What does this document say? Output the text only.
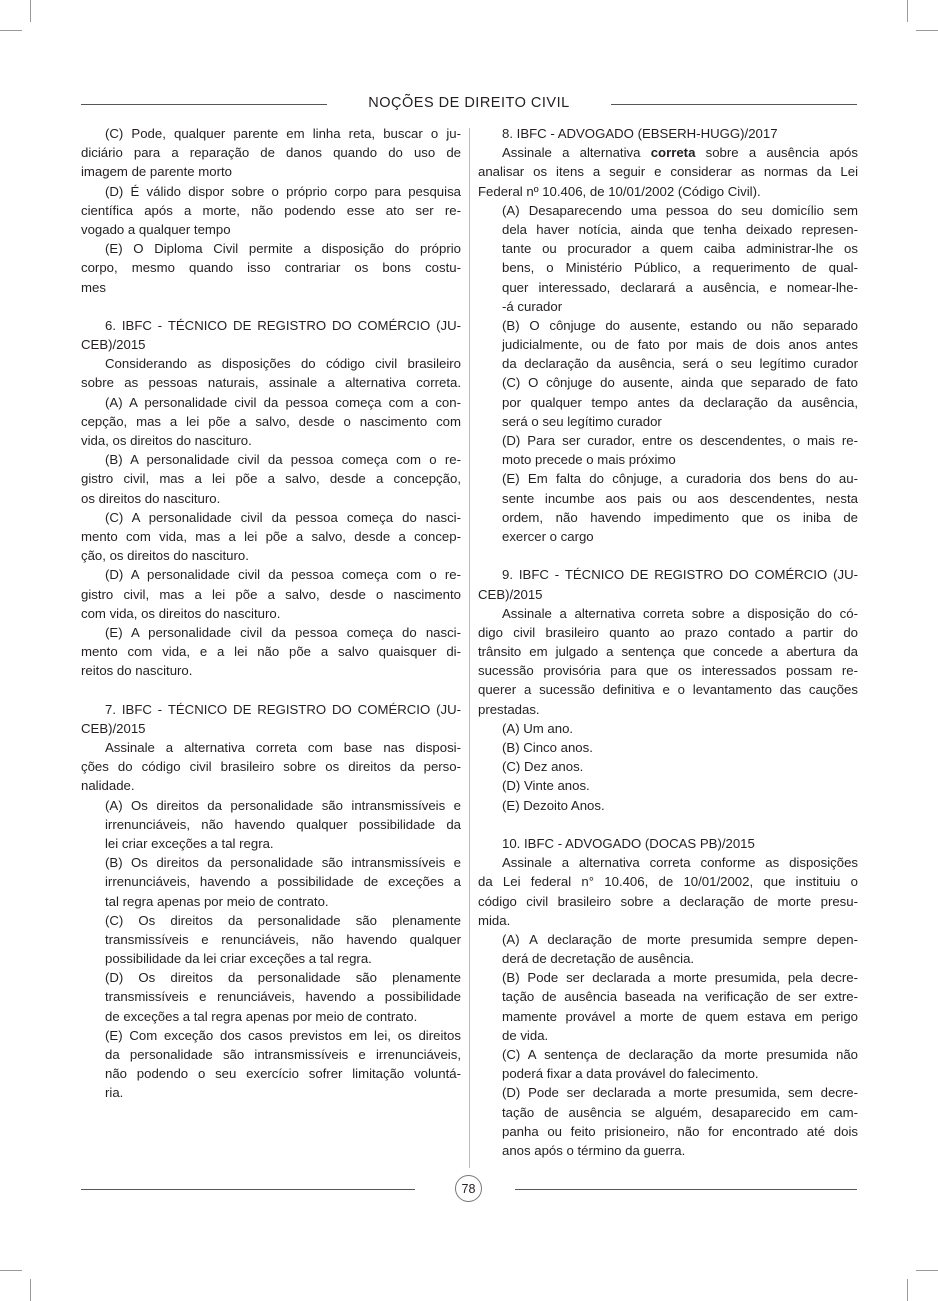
NOÇÕES DE DIREITO CIVIL
(C) Pode, qualquer parente em linha reta, buscar o ju-
diciário para a reparação de danos quando do uso de
imagem de parente morto
(D) É válido dispor sobre o próprio corpo para pesquisa
científica após a morte, não podendo esse ato ser re-
vogado a qualquer tempo
(E) O Diploma Civil permite a disposição do próprio
corpo, mesmo quando isso contrariar os bons costu-
mes
6. IBFC - TÉCNICO DE REGISTRO DO COMÉRCIO (JU-
CEB)/2015
Considerando as disposições do código civil brasileiro
sobre as pessoas naturais, assinale a alternativa correta.
(A) A personalidade civil da pessoa começa com a con-
cepção, mas a lei põe a salvo, desde o nascimento com
vida, os direitos do nascituro.
(B) A personalidade civil da pessoa começa com o re-
gistro civil, mas a lei põe a salvo, desde a concepção,
os direitos do nascituro.
(C) A personalidade civil da pessoa começa do nasci-
mento com vida, mas a lei põe a salvo, desde a concep-
ção, os direitos do nascituro.
(D) A personalidade civil da pessoa começa com o re-
gistro civil, mas a lei põe a salvo, desde o nascimento
com vida, os direitos do nascituro.
(E) A personalidade civil da pessoa começa do nasci-
mento com vida, e a lei não põe a salvo quaisquer di-
reitos do nascituro.
7. IBFC - TÉCNICO DE REGISTRO DO COMÉRCIO (JU-
CEB)/2015
Assinale a alternativa correta com base nas disposi-
ções do código civil brasileiro sobre os direitos da perso-
nalidade.
(A) Os direitos da personalidade são intransmissíveis e
irrenunciáveis, não havendo qualquer possibilidade da
lei criar exceções a tal regra.
(B) Os direitos da personalidade são intransmissíveis e
irrenunciáveis, havendo a possibilidade de exceções a
tal regra apenas por meio de contrato.
(C) Os direitos da personalidade são plenamente
transmissíveis e renunciáveis, não havendo qualquer
possibilidade da lei criar exceções a tal regra.
(D) Os direitos da personalidade são plenamente
transmissíveis e renunciáveis, havendo a possibilidade
de exceções a tal regra apenas por meio de contrato.
(E) Com exceção dos casos previstos em lei, os direitos
da personalidade são intransmissíveis e irrenunciáveis,
não podendo o seu exercício sofrer limitação voluntá-
ria.
8. IBFC - ADVOGADO (EBSERH-HUGG)/2017
Assinale a alternativa correta sobre a ausência após
analisar os itens a seguir e considerar as normas da Lei
Federal nº 10.406, de 10/01/2002 (Código Civil).
(A) Desaparecendo uma pessoa do seu domicílio sem
dela haver notícia, ainda que tenha deixado represen-
tante ou procurador a quem caiba administrar-lhe os
bens, o Ministério Público, a requerimento de qual-
quer interessado, declarará a ausência, e nomear-lhe-
-á curador
(B) O cônjuge do ausente, estando ou não separado
judicialmente, ou de fato por mais de dois anos antes
da declaração da ausência, será o seu legítimo curador
(C) O cônjuge do ausente, ainda que separado de fato
por qualquer tempo antes da declaração da ausência,
será o seu legítimo curador
(D) Para ser curador, entre os descendentes, o mais re-
moto precede o mais próximo
(E) Em falta do cônjuge, a curadoria dos bens do au-
sente incumbe aos pais ou aos descendentes, nesta
ordem, não havendo impedimento que os iniba de
exercer o cargo
9. IBFC - TÉCNICO DE REGISTRO DO COMÉRCIO (JU-
CEB)/2015
Assinale a alternativa correta sobre a disposição do có-
digo civil brasileiro quanto ao prazo contado a partir do
trânsito em julgado a sentença que concede a abertura da
sucessão provisória para que os interessados possam re-
querer a sucessão definitiva e o levantamento das cauções
prestadas.
(A) Um ano.
(B) Cinco anos.
(C) Dez anos.
(D) Vinte anos.
(E) Dezoito Anos.
10. IBFC - ADVOGADO (DOCAS PB)/2015
Assinale a alternativa correta conforme as disposições
da Lei federal n° 10.406, de 10/01/2002, que instituiu o
código civil brasileiro sobre a declaração de morte presu-
mida.
(A) A declaração de morte presumida sempre depen-
derá de decretação de ausência.
(B) Pode ser declarada a morte presumida, pela decre-
tação de ausência baseada na verificação de ser extre-
mamente provável a morte de quem estava em perigo
de vida.
(C) A sentença de declaração da morte presumida não
poderá fixar a data provável do falecimento.
(D) Pode ser declarada a morte presumida, sem decre-
tação de ausência se alguém, desaparecido em cam-
panha ou feito prisioneiro, não for encontrado até dois
anos após o término da guerra.
78
